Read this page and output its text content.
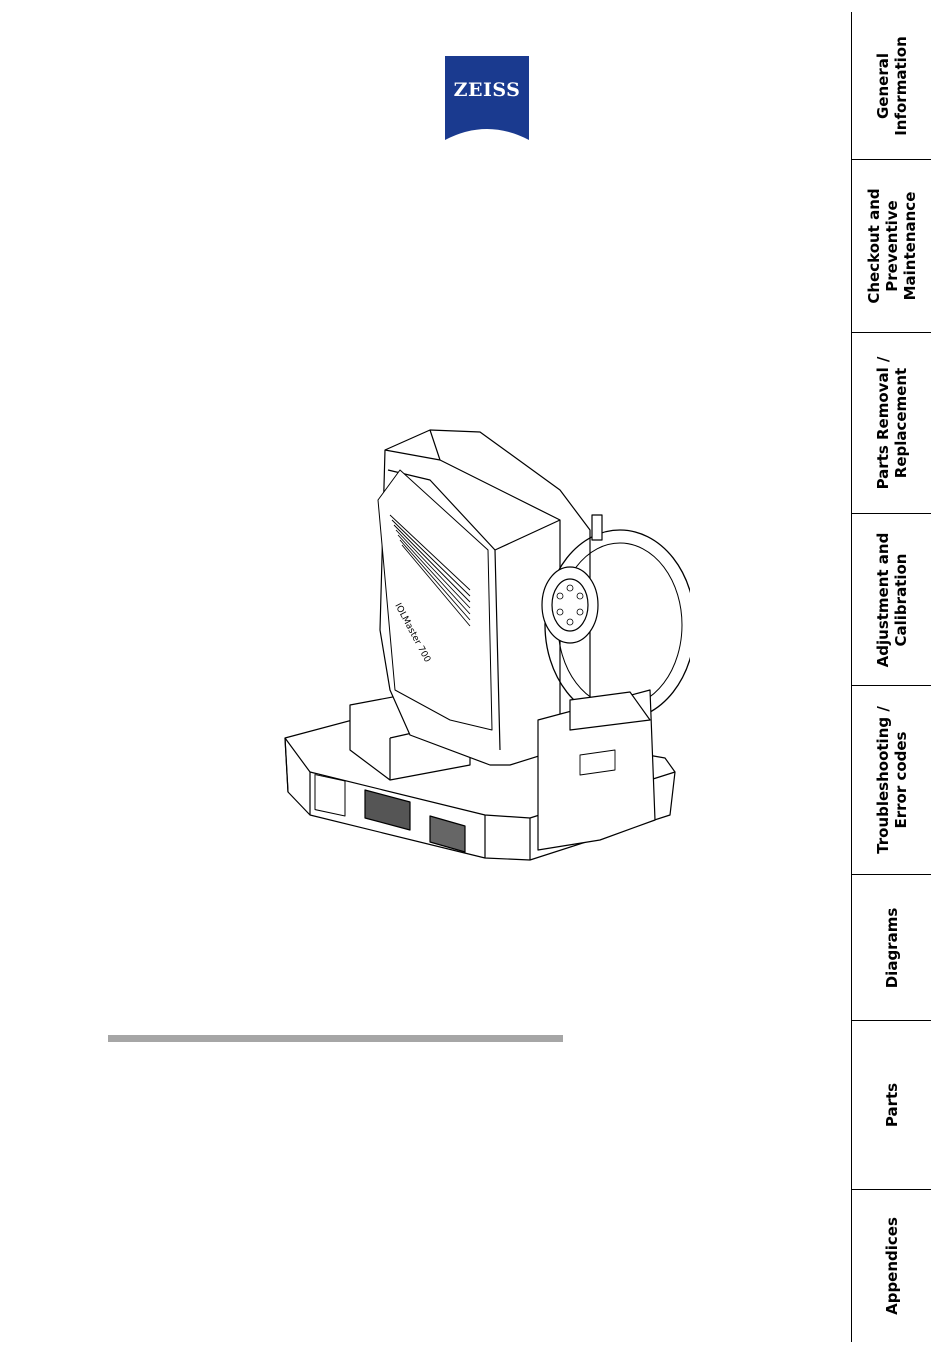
ZEISS
IOLMaster 700
General
Information
Checkout and
Preventive
Maintenance
Parts Removal /
Replacement
Adjustment and
Calibration
Troubleshooting /
Error codes
Diagrams
Parts
Appendices
